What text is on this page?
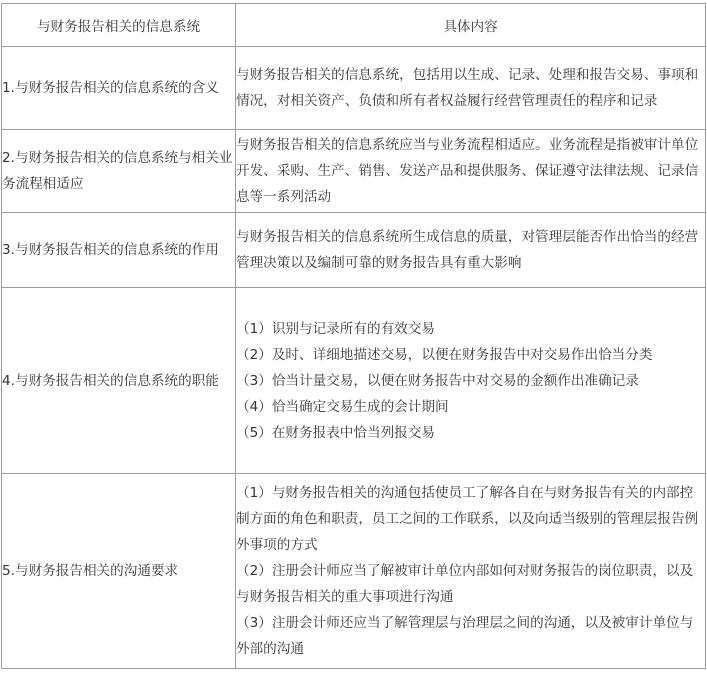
与财务报告相关的信息系统	具体内容
1.与财务报告相关的信息系统的含义	与财务报告相关的信息系统，包括用以生成、记录、处理和报告交易、事项和情况，对相关资产、负债和所有者权益履行经营管理责任的程序和记录

2.与财务报告相关的信息系统与相关业务流程相适应	与财务报告相关的信息系统应当与业务流程相适应。业务流程是指被审计单位开发、采购、生产、销售、发送产品和提供服务、保证遵守法律法规、记录信息等一系列活动

3.与财务报告相关的信息系统的作用	与财务报告相关的信息系统所生成信息的质量，对管理层能否作出恰当的经营管理决策以及编制可靠的财务报告具有重大影响

4.与财务报告相关的信息系统的职能	（1）识别与记录所有的有效交易
（2）及时、详细地描述交易，以便在财务报告中对交易作出恰当分类
（3）恰当计量交易，以便在财务报告中对交易的金额作出准确记录
（4）恰当确定交易生成的会计期间
（5）在财务报表中恰当列报交易

5.与财务报告相关的沟通要求	（1）与财务报告相关的沟通包括使员工了解各自在与财务报告有关的内部控制方面的角色和职责，员工之间的工作联系，以及向适当级别的管理层报告例外事项的方式
（2）注册会计师应当了解被审计单位内部如何对财务报告的岗位职责，以及与财务报告相关的重大事项进行沟通
（3）注册会计师还应当了解管理层与治理层之间的沟通，以及被审计单位与外部的沟通
